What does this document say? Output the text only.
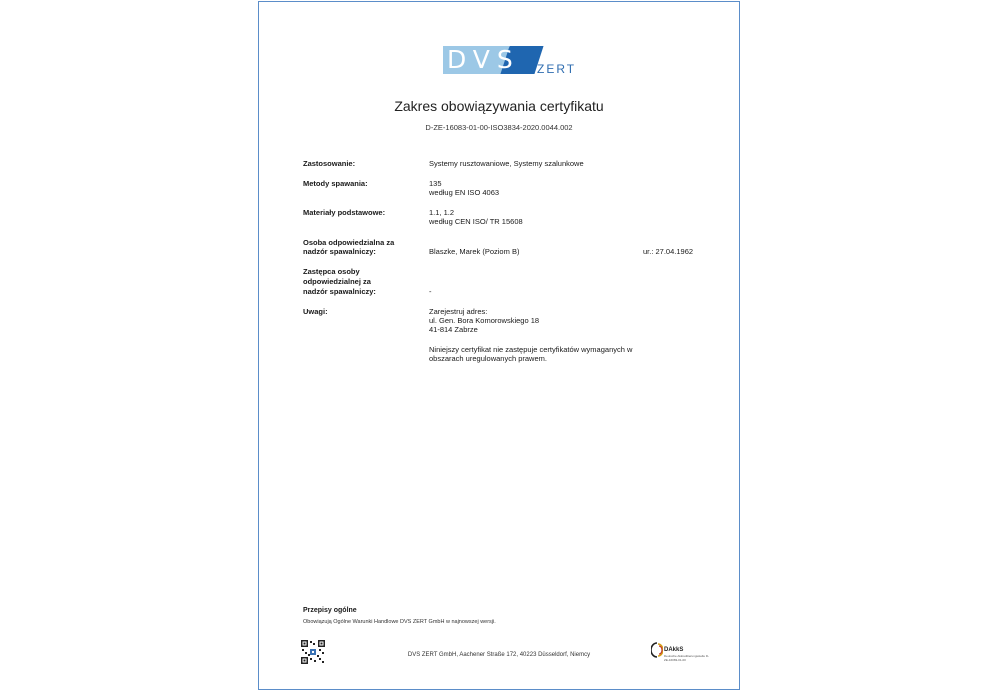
DVS ZERT
Zakres obowiązywania certyfikatu
D-ZE-16083-01-00-ISO3834-2020.0044.002
Zastosowanie:	Systemy rusztowaniowe, Systemy szalunkowe
Metody spawania:	135
według EN ISO 4063
Materiały podstawowe:	1.1, 1.2
według CEN ISO/ TR 15608
Osoba odpowiedzialna za
nadzór spawalniczy:	Blaszke, Marek (Poziom B)	ur.: 27.04.1962
Zastępca osoby
odpowiedzialnej za
nadzór spawalniczy:	-
Uwagi:	Zarejestruj adres:
ul. Gen. Bora Komorowskiego 18
41-814 Zabrze
Niniejszy certyfikat nie zastępuje certyfikatów wymaganych w
obszarach uregulowanych prawem.
Przepisy ogólne
Obowiązują Ogólne Warunki Handlowe DVS ZERT GmbH w najnowszej wersji.
DVS ZERT GmbH, Aachener Straße 172, 40223 Düsseldorf, Niemcy
DAkkS
Deutsche Akkreditierungsstelle D-ZE-16083-01-00
